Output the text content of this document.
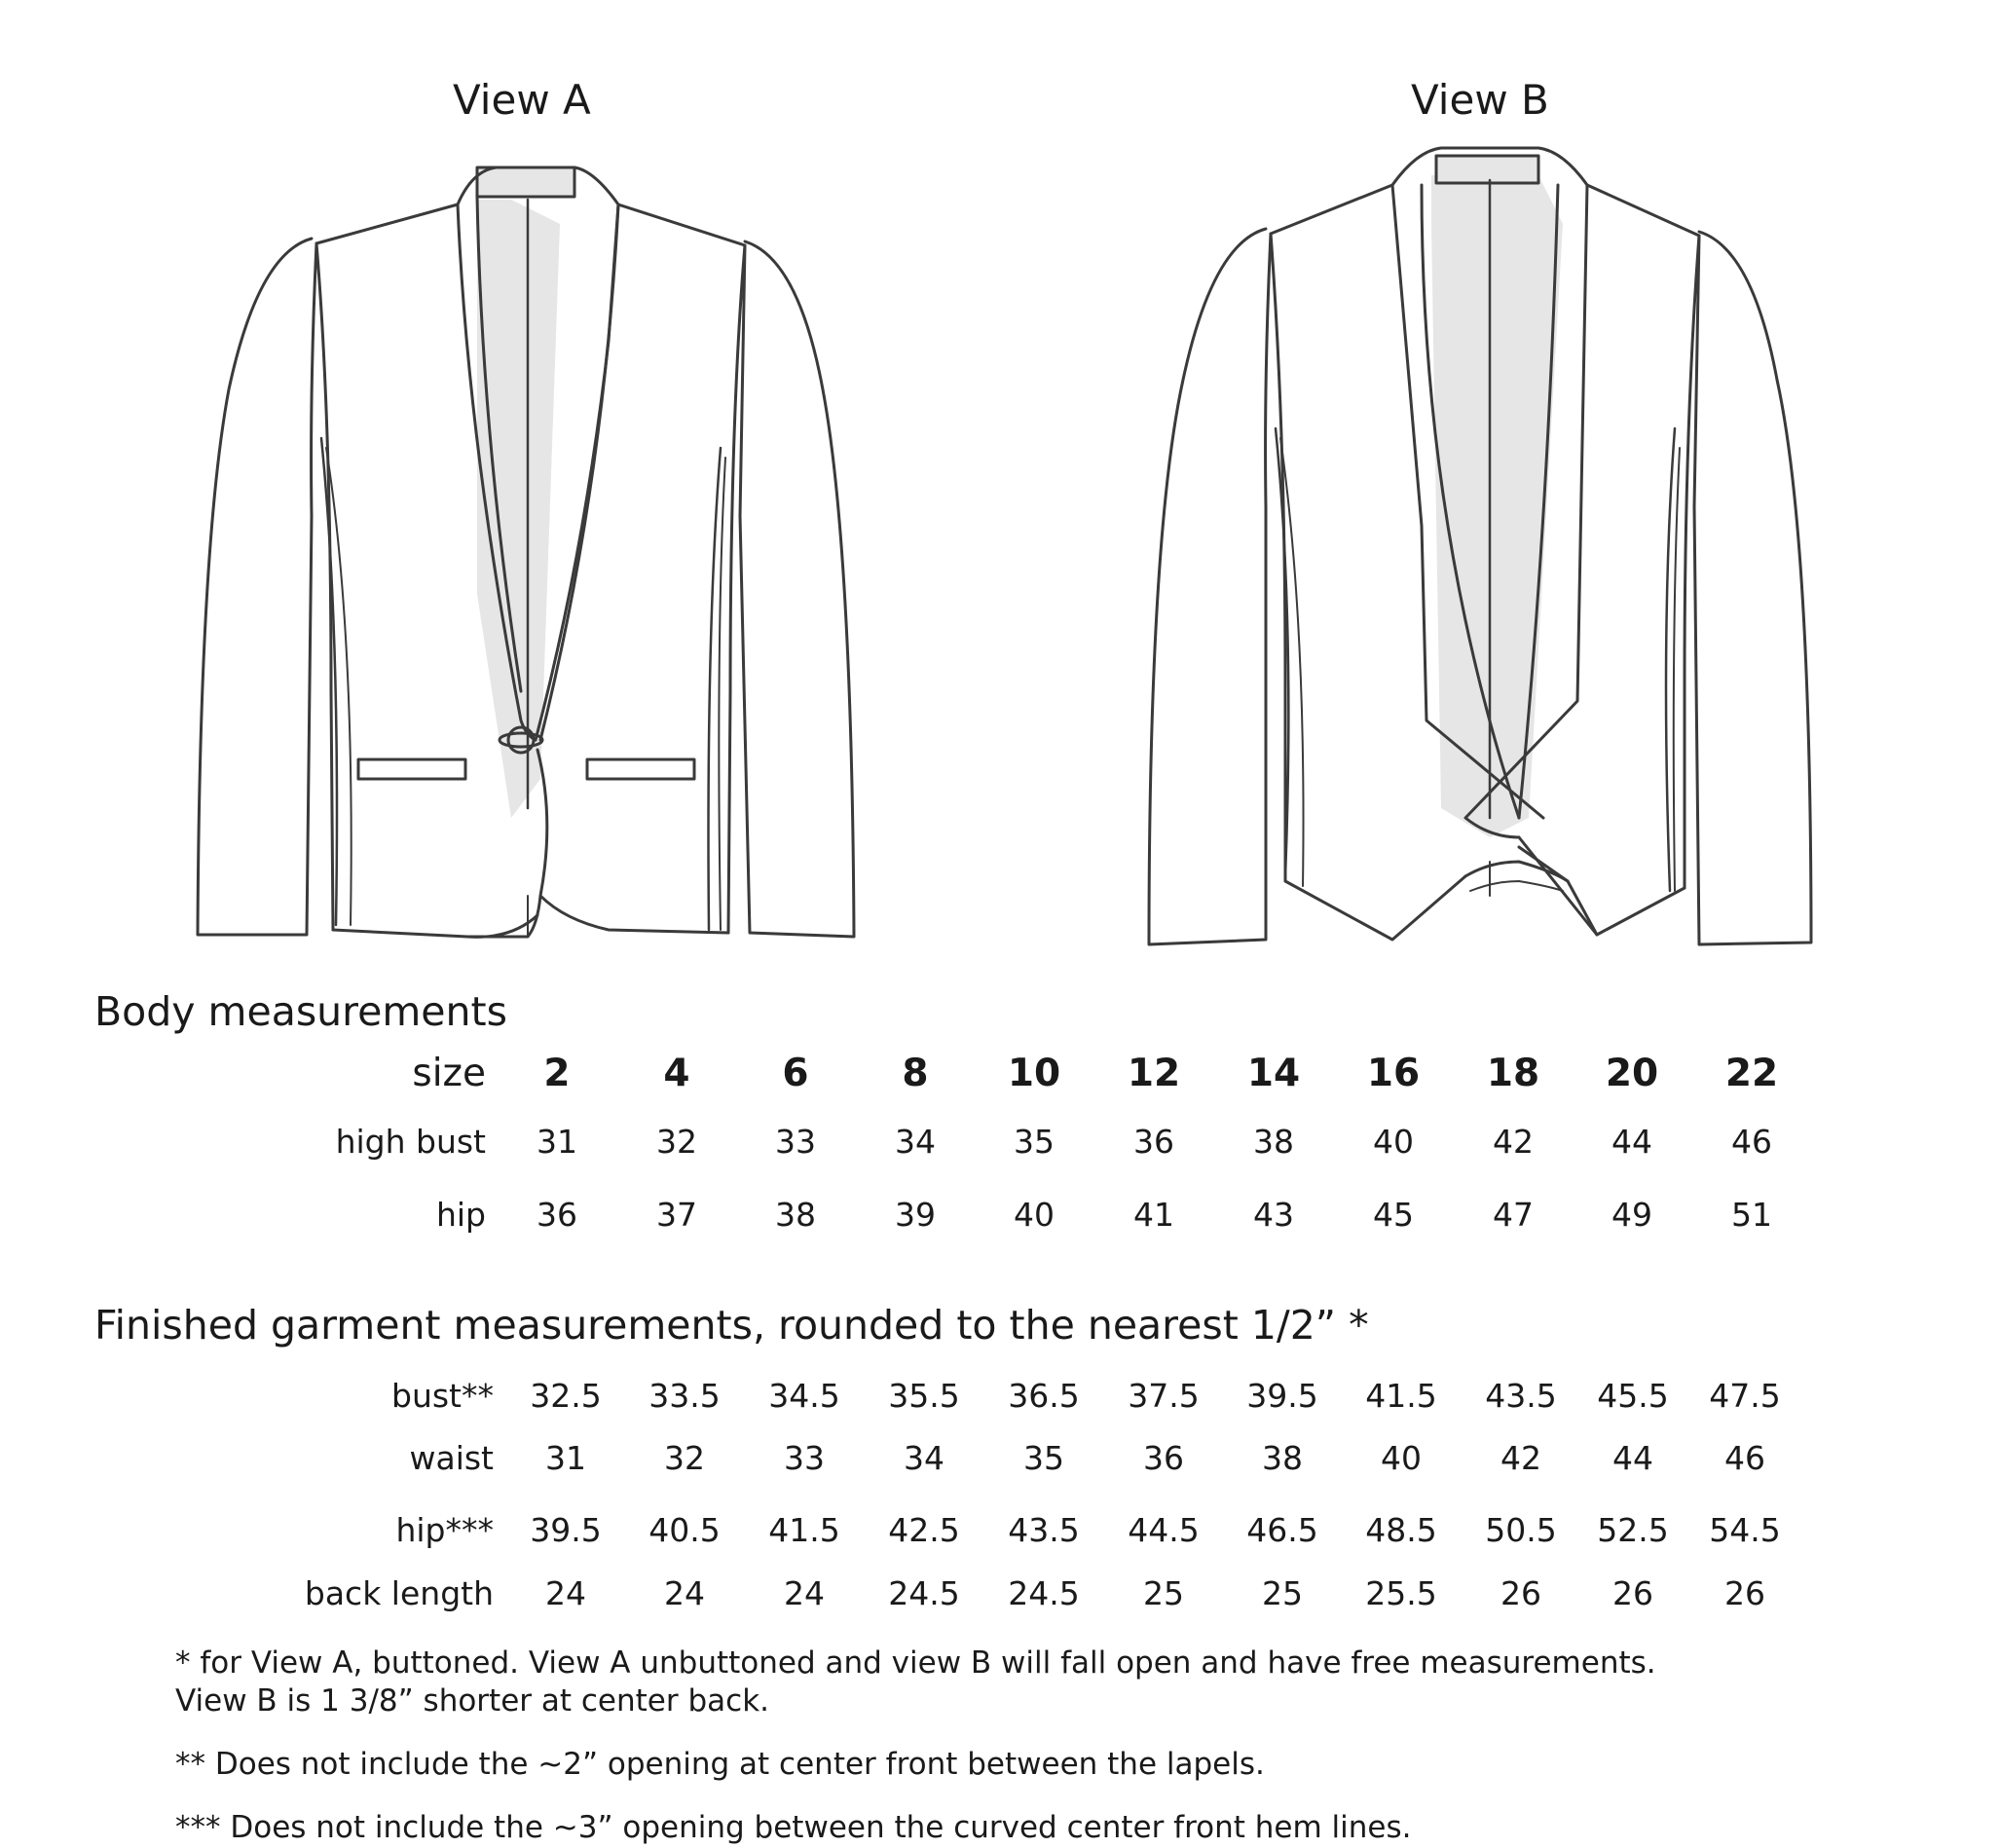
View A	View B
Body measurements
size 2 4 6 8 10 12 14 16 18 20 22
high bust 31 32 33 34 35 36 38 40 42 44 46
hip 36 37 38 39 40 41 43 45 47 49 51
Finished garment measurements, rounded to the nearest 1/2” *
bust** 32.5 33.5 34.5 35.5 36.5 37.5 39.5 41.5 43.5 45.5 47.5
waist 31 32 33 34 35 36 38 40 42 44 46
hip*** 39.5 40.5 41.5 42.5 43.5 44.5 46.5 48.5 50.5 52.5 54.5
back length 24 24 24 24.5 24.5 25 25 25.5 26 26 26
* for View A, buttoned. View A unbuttoned and view B will fall open and have free measurements.
View B is 1 3/8” shorter at center back.
** Does not include the ~2” opening at center front between the lapels.
*** Does not include the ~3” opening between the curved center front hem lines.
